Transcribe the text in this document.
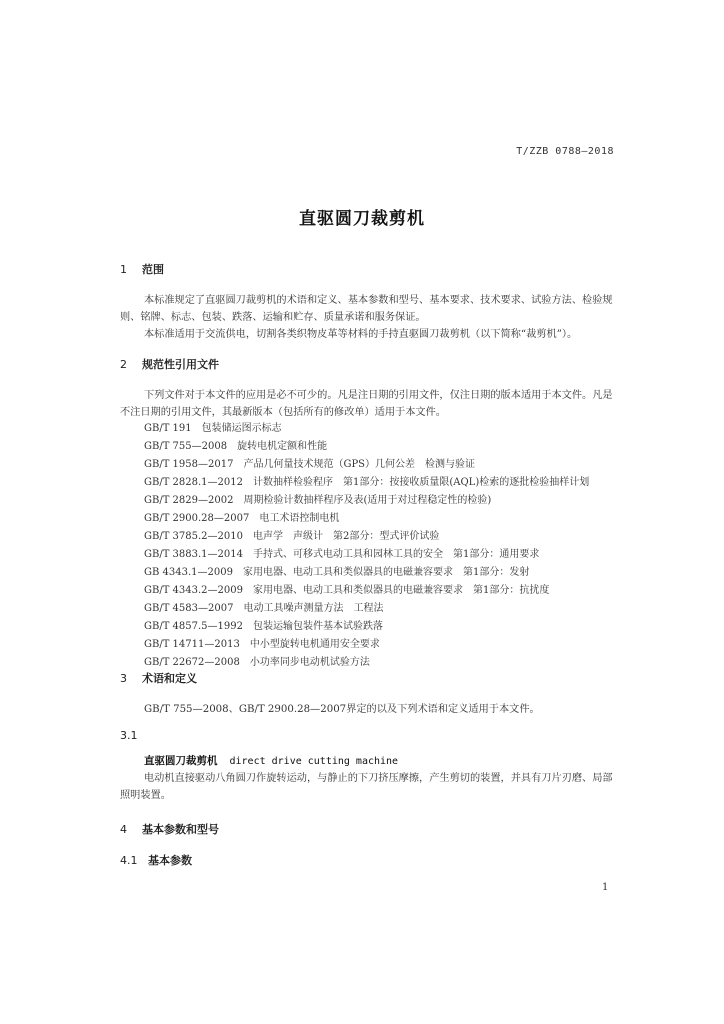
T/ZZB 0788—2018
直驱圆刀裁剪机
1 范围

本标准规定了直驱圆刀裁剪机的术语和定义、基本参数和型号、基本要求、技术要求、试验方法、检验规则、铭牌、标志、包装、跌落、运输和贮存、质量承诺和服务保证。

本标准适用于交流供电，切割各类织物皮革等材料的手持直驱圆刀裁剪机（以下简称“裁剪机”）。

2 规范性引用文件

下列文件对于本文件的应用是必不可少的。凡是注日期的引用文件，仅注日期的版本适用于本文件。凡是不注日期的引用文件，其最新版本（包括所有的修改单）适用于本文件。

GB/T 191　包装储运图示标志
GB/T 755—2008　旋转电机定额和性能
GB/T 1958—2017　产品几何量技术规范（GPS）几何公差　检测与验证
GB/T 2828.1—2012　计数抽样检验程序　第1部分：按接收质量限(AQL)检索的逐批检验抽样计划
GB/T 2829—2002　周期检验计数抽样程序及表(适用于对过程稳定性的检验)
GB/T 2900.28—2007　电工术语控制电机
GB/T 3785.2—2010　电声学　声级计　第2部分：型式评价试验
GB/T 3883.1—2014　手持式、可移式电动工具和园林工具的安全　第1部分：通用要求
GB 4343.1—2009　家用电器、电动工具和类似器具的电磁兼容要求　第1部分：发射
GB/T 4343.2—2009　家用电器、电动工具和类似器具的电磁兼容要求　第1部分：抗扰度
GB/T 4583—2007　电动工具噪声测量方法　工程法
GB/T 4857.5—1992　包装运输包装件基本试验跌落
GB/T 14711—2013　中小型旋转电机通用安全要求
GB/T 22672—2008　小功率同步电动机试验方法
3 术语和定义

GB/T 755—2008、GB/T 2900.28—2007界定的以及下列术语和定义适用于本文件。

3.1
直驱圆刀裁剪机 direct drive cutting machine

电动机直接驱动八角圆刀作旋转运动，与静止的下刀挤压摩擦，产生剪切的装置，并具有刀片刃磨、局部照明装置。

4 基本参数和型号
4.1 基本参数
1
